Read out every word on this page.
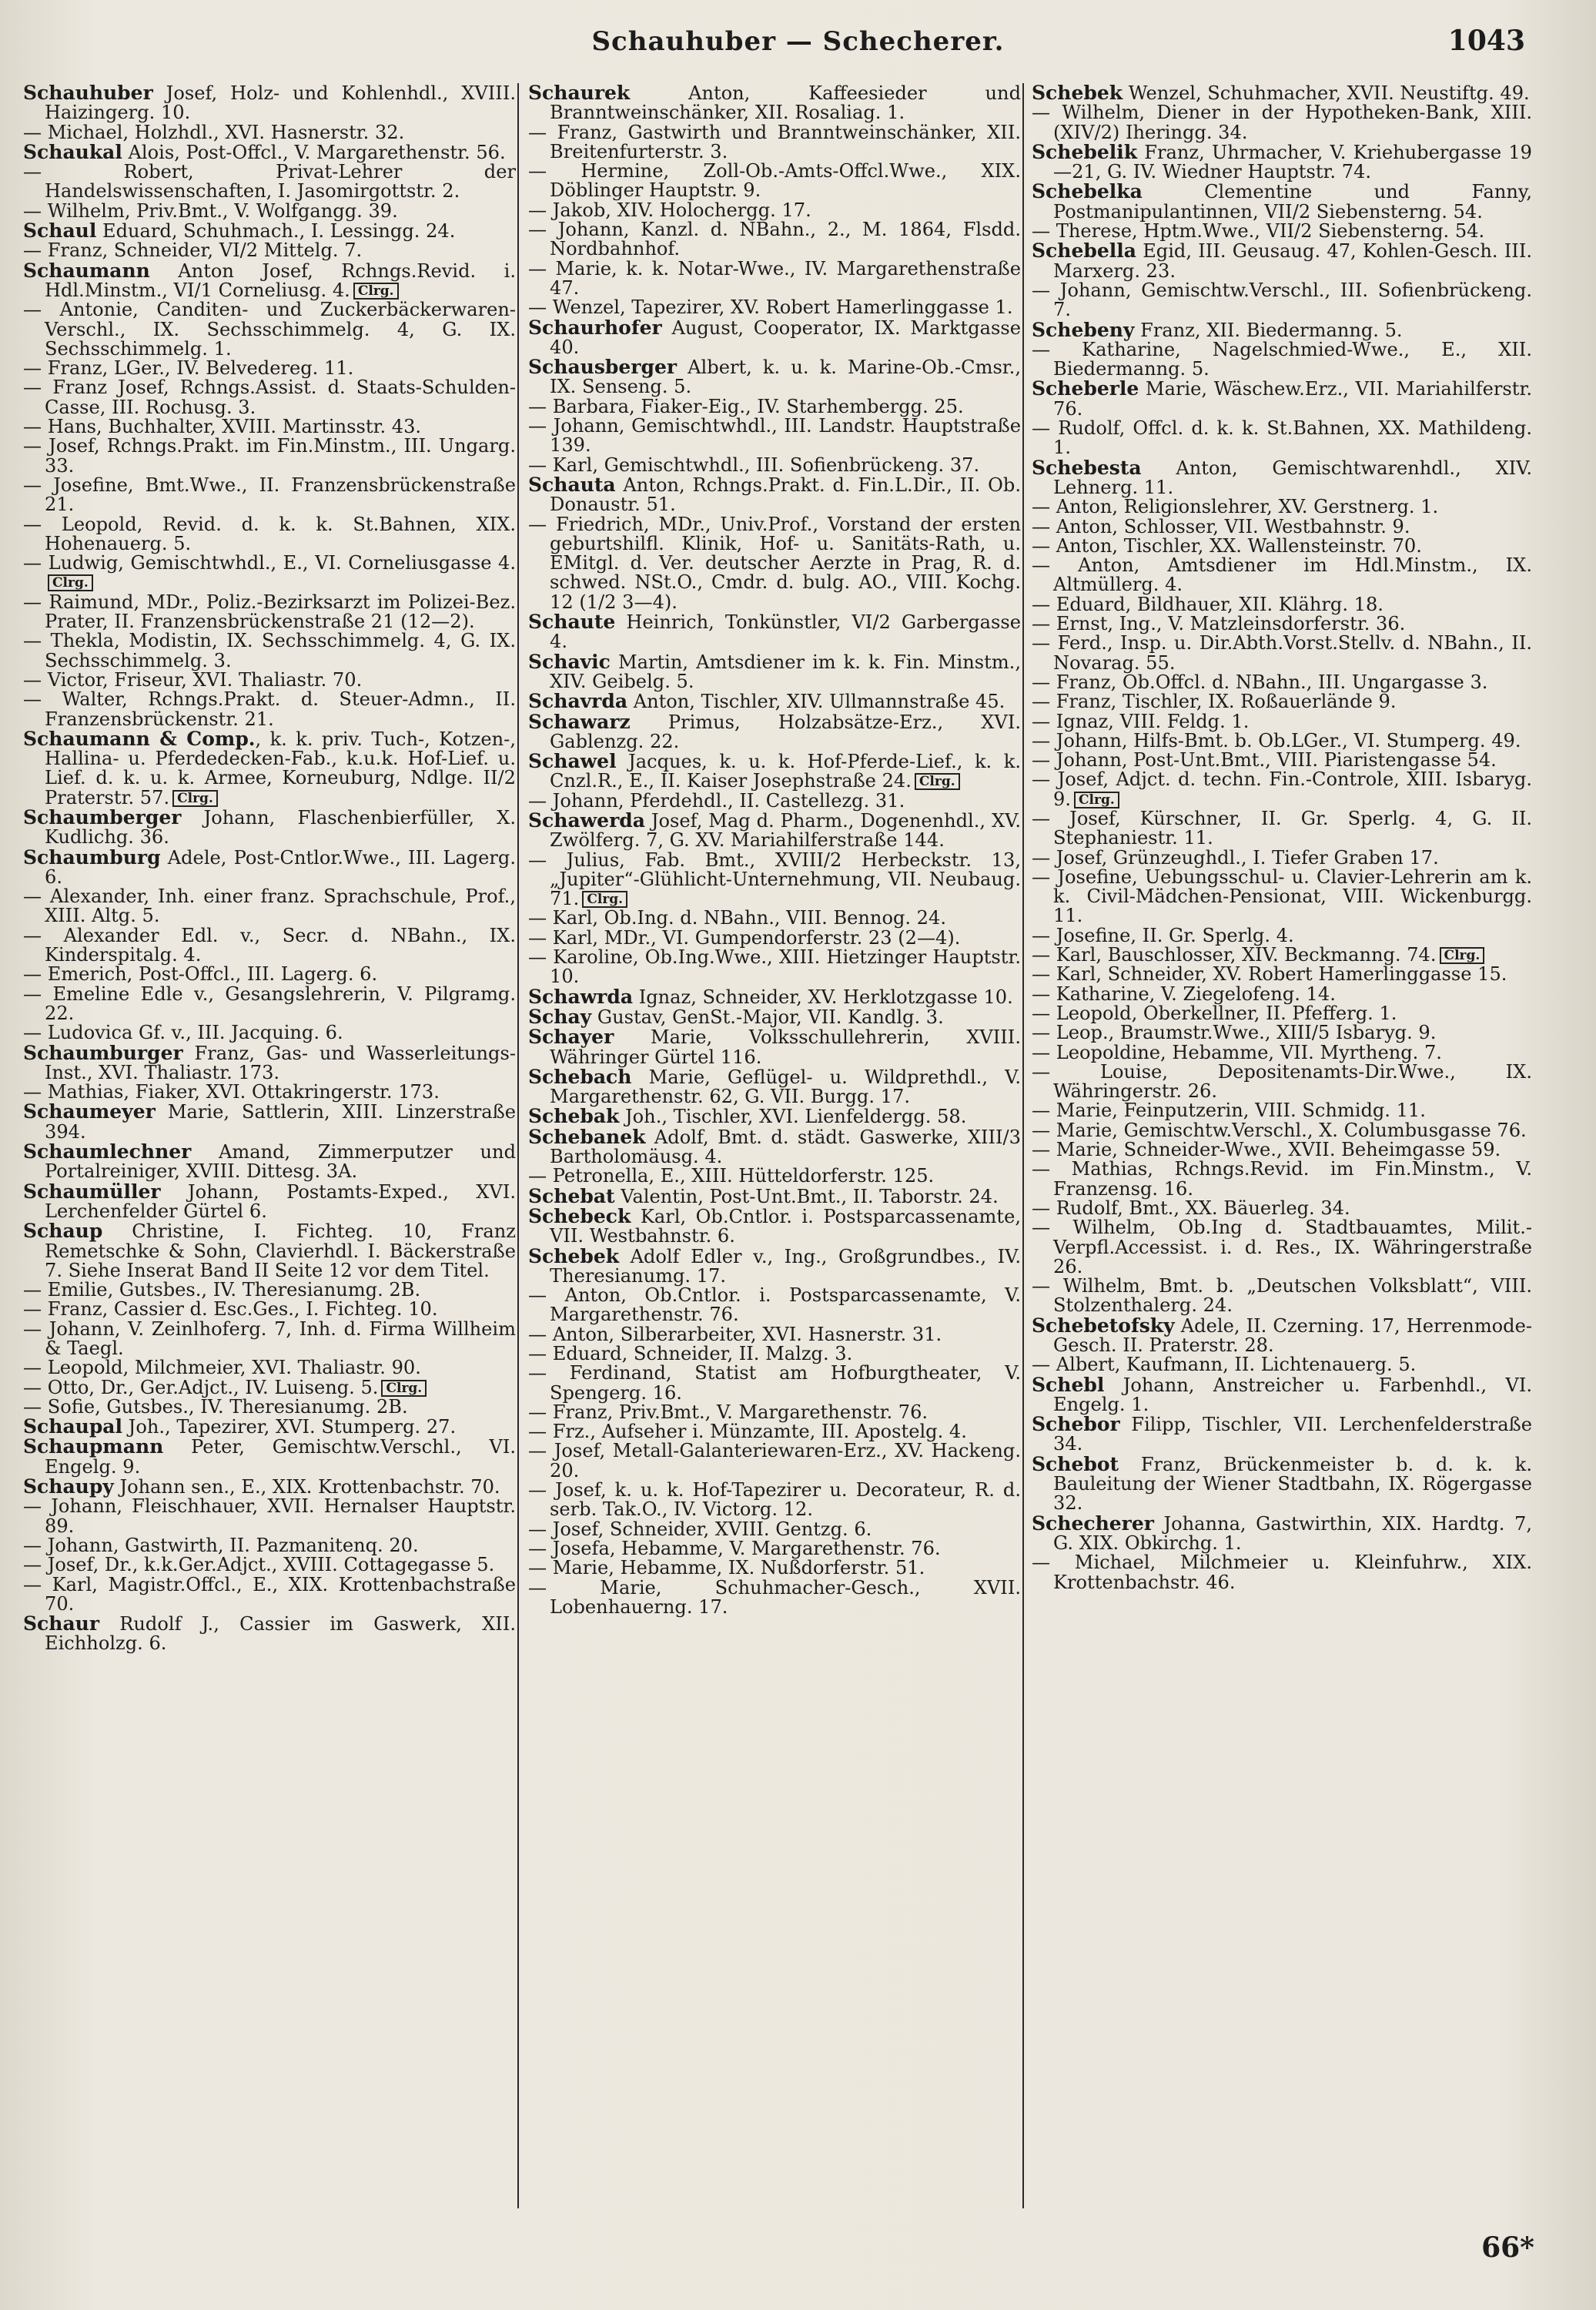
Schauhuber — Schecherer.	1043

Schauhuber Josef, Holz- und Kohlenhdl., XVIII. Haizingerg. 10.

— Michael, Holzhdl., XVI. Hasnerstr. 32.

Schaukal Alois, Post-Offcl., V. Margarethenstr. 56.

— Robert, Privat-Lehrer der Handelswissenschaften, I. Jasomirgottstr. 2.

— Wilhelm, Priv.Bmt., V. Wolfgangg. 39.

Schaul Eduard, Schuhmach., I. Lessingg. 24.

— Franz, Schneider, VI/2 Mittelg. 7.

Schaumann Anton Josef, Rchngs.Revid. i. Hdl.Minstm., VI/1 Corneliusg. 4. Clrg.

— Antonie, Canditen- und Zuckerbäckerwaren-Verschl., IX. Sechsschimmelg. 4, G. IX. Sechsschimmelg. 1.

— Franz, LGer., IV. Belvedereg. 11.

— Franz Josef, Rchngs.Assist. d. Staats-Schulden-Casse, III. Rochusg. 3.

— Hans, Buchhalter, XVIII. Martinsstr. 43.

— Josef, Rchngs.Prakt. im Fin.Minstm., III. Ungarg. 33.

— Josefine, Bmt.Wwe., II. Franzensbrückenstraße 21.

— Leopold, Revid. d. k. k. St.Bahnen, XIX. Hohenauerg. 5.

— Ludwig, Gemischtwhdl., E., VI. Corneliusgasse 4.Clrg.

— Raimund, MDr., Poliz.-Bezirksarzt im Polizei-Bez. Prater, II. Franzensbrückenstraße 21 (12—2).

— Thekla, Modistin, IX. Sechsschimmelg. 4, G. IX. Sechsschimmelg. 3.

— Victor, Friseur, XVI. Thaliastr. 70.

— Walter, Rchngs.Prakt. d. Steuer-Admn., II. Franzensbrückenstr. 21.

Schaumann & Comp., k. k. priv. Tuch-, Kotzen-, Hallina- u. Pferdedecken-Fab., k.u.k. Hof-Lief. u. Lief. d. k. u. k. Armee, Korneuburg, Ndlge. II/2 Praterstr. 57. Clrg.

Schaumberger Johann, Flaschenbierfüller, X. Kudlichg. 36.

Schaumburg Adele, Post-Cntlor.Wwe., III. Lagerg. 6.

— Alexander, Inh. einer franz. Sprachschule, Prof., XIII. Altg. 5.

— Alexander Edl. v., Secr. d. NBahn., IX. Kinderspitalg. 4.

— Emerich, Post-Offcl., III. Lagerg. 6.

— Emeline Edle v., Gesangslehrerin, V. Pilgramg. 22.

— Ludovica Gf. v., III. Jacquing. 6.

Schaumburger Franz, Gas- und Wasserleitungs-Inst., XVI. Thaliastr. 173.

— Mathias, Fiaker, XVI. Ottakringerstr. 173.

Schaumeyer Marie, Sattlerin, XIII. Linzerstraße 394.

Schaumlechner Amand, Zimmerputzer und Portalreiniger, XVIII. Dittesg. 3A.

Schaumüller Johann, Postamts-Exped., XVI. Lerchenfelder Gürtel 6.

Schaup Christine, I. Fichteg. 10, Franz Remetschke & Sohn, Clavierhdl. I. Bäckerstraße 7. Siehe Inserat Band II Seite 12 vor dem Titel.

— Emilie, Gutsbes., IV. Theresianumg. 2B.

— Franz, Cassier d. Esc.Ges., I. Fichteg. 10.

— Johann, V. Zeinlhoferg. 7, Inh. d. Firma Willheim & Taegl.

— Leopold, Milchmeier, XVI. Thaliastr. 90.

— Otto, Dr., Ger.Adjct., IV. Luiseng. 5. Clrg.

— Sofie, Gutsbes., IV. Theresianumg. 2B.

Schaupal Joh., Tapezirer, XVI. Stumperg. 27.

Schaupmann Peter, Gemischtw.Verschl., VI. Engelg. 9.

Schaupy Johann sen., E., XIX. Krottenbachstr. 70.

— Johann, Fleischhauer, XVII. Hernalser Hauptstr. 89.

— Johann, Gastwirth, II. Pazmanitenq. 20.

— Josef, Dr., k.k.Ger.Adjct., XVIII. Cottagegasse 5.

— Karl, Magistr.Offcl., E., XIX. Krottenbachstraße 70.

Schaur Rudolf J., Cassier im Gaswerk, XII. Eichholzg. 6.

Schaurek Anton, Kaffeesieder und Branntweinschänker, XII. Rosaliag. 1.

— Franz, Gastwirth und Branntweinschänker, XII. Breitenfurterstr. 3.

— Hermine, Zoll-Ob.-Amts-Offcl.Wwe., XIX. Döblinger Hauptstr. 9.

— Jakob, XIV. Holochergg. 17.

— Johann, Kanzl. d. NBahn., 2., M. 1864, Flsdd. Nordbahnhof.

— Marie, k. k. Notar-Wwe., IV. Margarethenstraße 47.

— Wenzel, Tapezirer, XV. Robert Hamerlinggasse 1.

Schaurhofer August, Cooperator, IX. Marktgasse 40.

Schausberger Albert, k. u. k. Marine-Ob.-Cmsr., IX. Senseng. 5.

— Barbara, Fiaker-Eig., IV. Starhembergg. 25.

— Johann, Gemischtwhdl., III. Landstr. Hauptstraße 139.

— Karl, Gemischtwhdl., III. Sofienbrückeng. 37.

Schauta Anton, Rchngs.Prakt. d. Fin.L.Dir., II. Ob. Donaustr. 51.

— Friedrich, MDr., Univ.Prof., Vorstand der ersten geburtshilfl. Klinik, Hof- u. Sanitäts-Rath, u. EMitgl. d. Ver. deutscher Aerzte in Prag, R. d. schwed. NSt.O., Cmdr. d. bulg. AO., VIII. Kochg. 12 (1/2 3—4).

Schaute Heinrich, Tonkünstler, VI/2 Garbergasse 4.

Schavic Martin, Amtsdiener im k. k. Fin. Minstm., XIV. Geibelg. 5.

Schavrda Anton, Tischler, XIV. Ullmannstraße 45.

Schawarz Primus, Holzabsätze-Erz., XVI. Gablenzg. 22.

Schawel Jacques, k. u. k. Hof-Pferde-Lief., k. k. Cnzl.R., E., II. Kaiser Josephstraße 24. Clrg.

— Johann, Pferdehdl., II. Castellezg. 31.

Schawerda Josef, Mag d. Pharm., Dogenenhdl., XV. Zwölferg. 7, G. XV. Mariahilferstraße 144.

— Julius, Fab. Bmt., XVIII/2 Herbeckstr. 13, „Jupiter“-Glühlicht-Unternehmung, VII. Neubaug. 71. Clrg.

— Karl, Ob.Ing. d. NBahn., VIII. Bennog. 24.

— Karl, MDr., VI. Gumpendorferstr. 23 (2—4).

— Karoline, Ob.Ing.Wwe., XIII. Hietzinger Hauptstr. 10.

Schawrda Ignaz, Schneider, XV. Herklotzgasse 10.

Schay Gustav, GenSt.-Major, VII. Kandlg. 3.

Schayer Marie, Volksschullehrerin, XVIII. Währinger Gürtel 116.

Schebach Marie, Geflügel- u. Wildprethdl., V. Margarethenstr. 62, G. VII. Burgg. 17.

Schebak Joh., Tischler, XVI. Lienfeldergg. 58.

Schebanek Adolf, Bmt. d. städt. Gaswerke, XIII/3 Bartholomäusg. 4.

— Petronella, E., XIII. Hütteldorferstr. 125.

Schebat Valentin, Post-Unt.Bmt., II. Taborstr. 24.

Schebeck Karl, Ob.Cntlor. i. Postsparcassenamte, VII. Westbahnstr. 6.

Schebek Adolf Edler v., Ing., Großgrundbes., IV. Theresianumg. 17.

— Anton, Ob.Cntlor. i. Postsparcassenamte, V. Margarethenstr. 76.

— Anton, Silberarbeiter, XVI. Hasnerstr. 31.

— Eduard, Schneider, II. Malzg. 3.

— Ferdinand, Statist am Hofburgtheater, V. Spengerg. 16.

— Franz, Priv.Bmt., V. Margarethenstr. 76.

— Frz., Aufseher i. Münzamte, III. Apostelg. 4.

— Josef, Metall-Galanteriewaren-Erz., XV. Hackeng. 20.

— Josef, k. u. k. Hof-Tapezirer u. Decorateur, R. d. serb. Tak.O., IV. Victorg. 12.

— Josef, Schneider, XVIII. Gentzg. 6.

— Josefa, Hebamme, V. Margarethenstr. 76.

— Marie, Hebamme, IX. Nußdorferstr. 51.

— Marie, Schuhmacher-Gesch., XVII. Lobenhauerng. 17.

Schebek Wenzel, Schuhmacher, XVII. Neustiftg. 49.

— Wilhelm, Diener in der Hypotheken-Bank, XIII. (XIV/2) Iheringg. 34.

Schebelik Franz, Uhrmacher, V. Kriehubergasse 19—21, G. IV. Wiedner Hauptstr. 74.

Schebelka Clementine und Fanny, Postmanipulantinnen, VII/2 Siebensterng. 54.

— Therese, Hptm.Wwe., VII/2 Siebensterng. 54.

Schebella Egid, III. Geusaug. 47, Kohlen-Gesch. III. Marxerg. 23.

— Johann, Gemischtw.Verschl., III. Sofienbrückeng. 7.

Schebeny Franz, XII. Biedermanng. 5.

— Katharine, Nagelschmied-Wwe., E., XII. Biedermanng. 5.

Scheberle Marie, Wäschew.Erz., VII. Mariahilferstr. 76.

— Rudolf, Offcl. d. k. k. St.Bahnen, XX. Mathildeng. 1.

Schebesta Anton, Gemischtwarenhdl., XIV. Lehnerg. 11.

— Anton, Religionslehrer, XV. Gerstnerg. 1.

— Anton, Schlosser, VII. Westbahnstr. 9.

— Anton, Tischler, XX. Wallensteinstr. 70.

— Anton, Amtsdiener im Hdl.Minstm., IX. Altmüllerg. 4.

— Eduard, Bildhauer, XII. Klährg. 18.

— Ernst, Ing., V. Matzleinsdorferstr. 36.

— Ferd., Insp. u. Dir.Abth.Vorst.Stellv. d. NBahn., II. Novarag. 55.

— Franz, Ob.Offcl. d. NBahn., III. Ungargasse 3.

— Franz, Tischler, IX. Roßauerlände 9.

— Ignaz, VIII. Feldg. 1.

— Johann, Hilfs-Bmt. b. Ob.LGer., VI. Stumperg. 49.

— Johann, Post-Unt.Bmt., VIII. Piaristengasse 54.

— Josef, Adjct. d. techn. Fin.-Controle, XIII. Isbaryg. 9. Clrg.

— Josef, Kürschner, II. Gr. Sperlg. 4, G. II. Stephaniestr. 11.

— Josef, Grünzeughdl., I. Tiefer Graben 17.

— Josefine, Uebungsschul- u. Clavier-Lehrerin am k. k. Civil-Mädchen-Pensionat, VIII. Wickenburgg. 11.

— Josefine, II. Gr. Sperlg. 4.

— Karl, Bauschlosser, XIV. Beckmanng. 74. Clrg.

— Karl, Schneider, XV. Robert Hamerlinggasse 15.

— Katharine, V. Ziegelofeng. 14.

— Leopold, Oberkellner, II. Pfefferg. 1.

— Leop., Braumstr.Wwe., XIII/5 Isbaryg. 9.

— Leopoldine, Hebamme, VII. Myrtheng. 7.

— Louise, Depositenamts-Dir.Wwe., IX. Währingerstr. 26.

— Marie, Feinputzerin, VIII. Schmidg. 11.

— Marie, Gemischtw.Verschl., X. Columbusgasse 76.

— Marie, Schneider-Wwe., XVII. Beheimgasse 59.

— Mathias, Rchngs.Revid. im Fin.Minstm., V. Franzensg. 16.

— Rudolf, Bmt., XX. Bäuerleg. 34.

— Wilhelm, Ob.Ing d. Stadtbauamtes, Milit.-Verpfl.Accessist. i. d. Res., IX. Währingerstraße 26.

— Wilhelm, Bmt. b. „Deutschen Volksblatt“, VIII. Stolzenthalerg. 24.

Schebetofsky Adele, II. Czerning. 17, Herrenmode-Gesch. II. Praterstr. 28.

— Albert, Kaufmann, II. Lichtenauerg. 5.

Schebl Johann, Anstreicher u. Farbenhdl., VI. Engelg. 1.

Schebor Filipp, Tischler, VII. Lerchenfelderstraße 34.

Schebot Franz, Brückenmeister b. d. k. k. Bauleitung der Wiener Stadtbahn, IX. Rögergasse 32.

Schecherer Johanna, Gastwirthin, XIX. Hardtg. 7, G. XIX. Obkirchg. 1.

— Michael, Milchmeier u. Kleinfuhrw., XIX. Krottenbachstr. 46.

66*
